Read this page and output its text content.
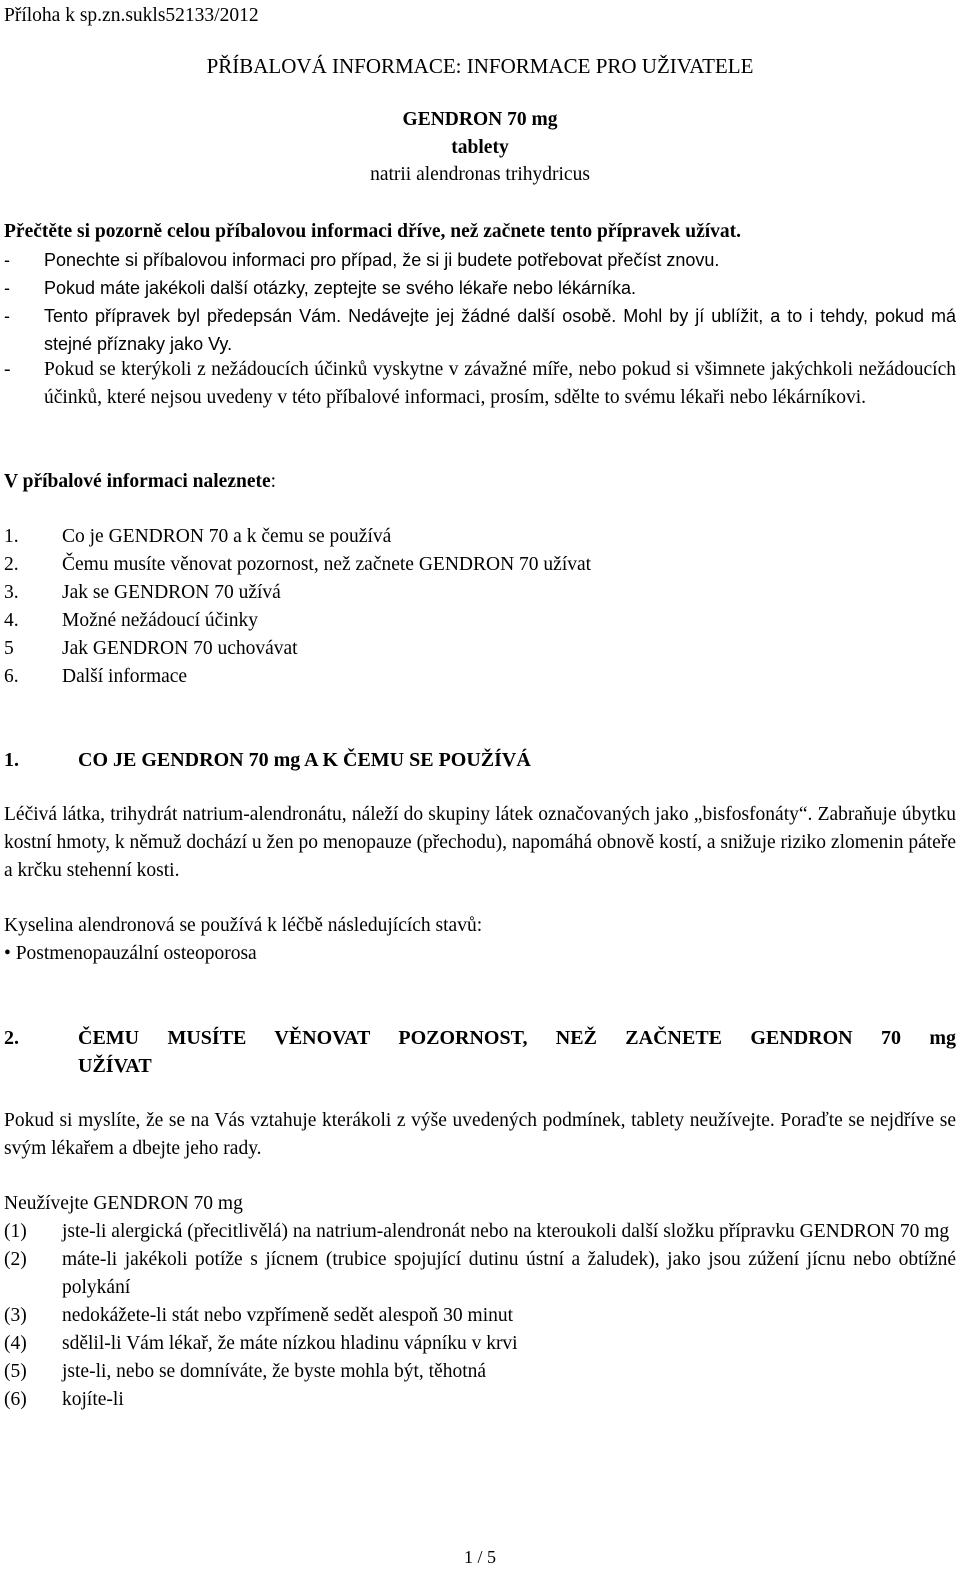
Příloha k sp.zn.sukls52133/2012
PŘÍBALOVÁ INFORMACE: INFORMACE PRO UŽIVATELE
GENDRON 70 mg
tablety
natrii alendronas trihydricus
Přečtěte si pozorně celou příbalovou informaci dříve, než začnete tento přípravek užívat.
-	Ponechte si příbalovou informaci pro případ, že si ji budete potřebovat přečíst znovu.
-	Pokud máte jakékoli další otázky, zeptejte se svého lékaře nebo lékárníka.
-	Tento přípravek byl předepsán Vám. Nedávejte jej žádné další osobě. Mohl by jí ublížit, a to i tehdy, pokud má stejné příznaky jako Vy.
-	Pokud se kterýkoli z nežádoucích účinků vyskytne v závažné míře, nebo pokud si všimnete jakýchkoli nežádoucích účinků, které nejsou uvedeny v této příbalové informaci, prosím, sdělte to svému lékaři nebo lékárníkovi.
V příbalové informaci naleznete:
1.	Co je GENDRON 70 a k čemu se používá
2.	Čemu musíte věnovat pozornost, než začnete GENDRON 70 užívat
3.	Jak se GENDRON 70 užívá
4.	Možné nežádoucí účinky
5	Jak GENDRON 70 uchovávat
6.	Další informace
1.	CO JE GENDRON 70 mg A K ČEMU SE POUŽÍVÁ
Léčivá látka, trihydrát natrium-alendronátu, náleží do skupiny látek označovaných jako „bisfosfonáty“. Zabraňuje úbytku kostní hmoty, k němuž dochází u žen po menopauze (přechodu), napomáhá obnově kostí, a snižuje riziko zlomenin páteře a krčku stehenní kosti.
Kyselina alendronová se používá k léčbě následujících stavů:
• Postmenopauzální osteoporosa
2.	ČEMU MUSÍTE VĚNOVAT POZORNOST, NEŽ ZAČNETE GENDRON 70 mg
UŽÍVAT
Pokud si myslíte, že se na Vás vztahuje kterákoli z výše uvedených podmínek, tablety neužívejte. Poraďte se nejdříve se svým lékařem a dbejte jeho rady.
Neužívejte GENDRON 70 mg
(1)	jste-li alergická (přecitlivělá) na natrium-alendronát nebo na kteroukoli další složku přípravku GENDRON 70 mg
(2)	máte-li jakékoli potíže s jícnem (trubice spojující dutinu ústní a žaludek), jako jsou zúžení jícnu nebo obtížné polykání
(3)	nedokážete-li stát nebo vzpřímeně sedět alespoň 30 minut
(4)	sdělil-li Vám lékař, že máte nízkou hladinu vápníku v krvi
(5)	jste-li, nebo se domníváte, že byste mohla být, těhotná
(6)	kojíte-li
1 / 5
